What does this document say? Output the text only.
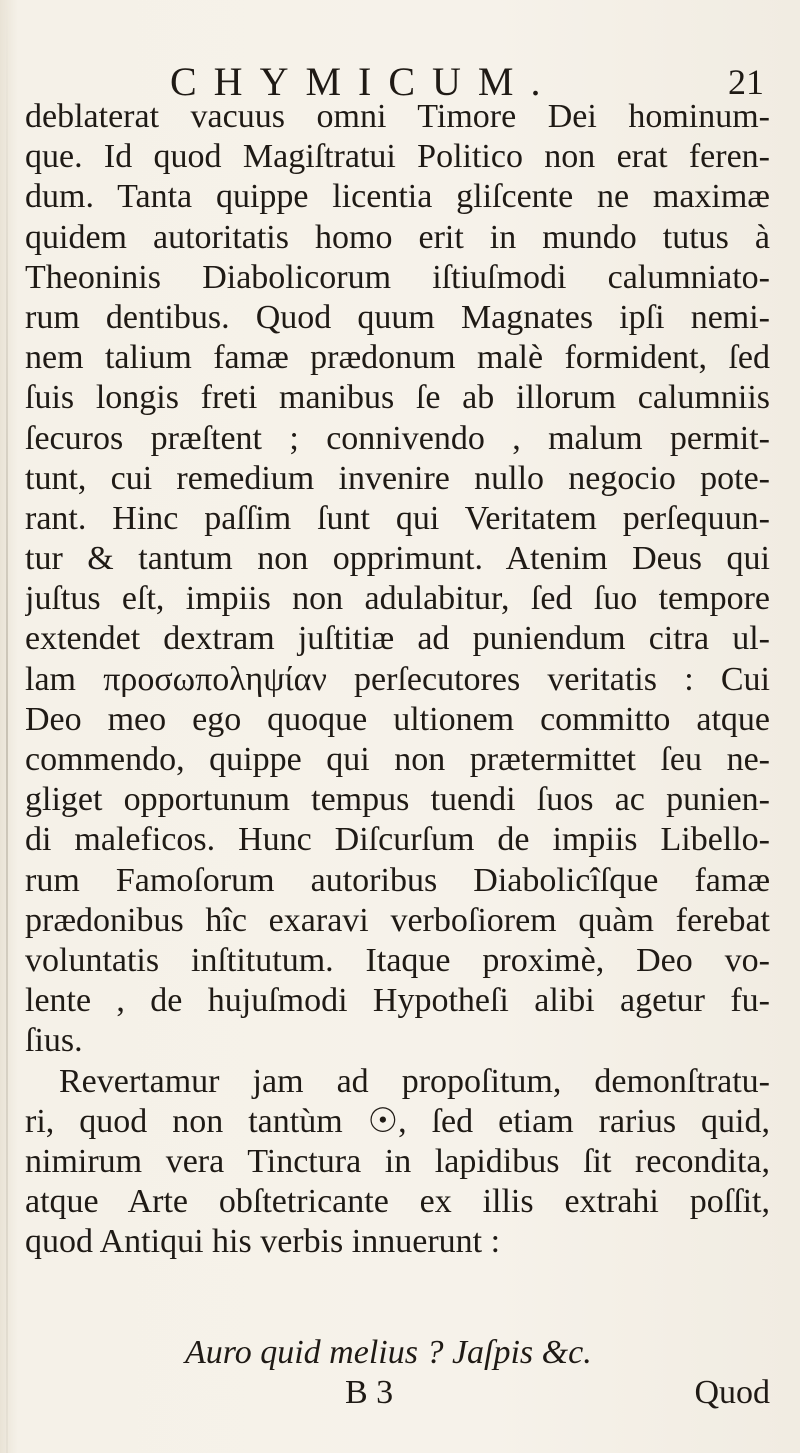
CHYMICUM.	21
deblaterat vacuus omni Timore Dei hominum-
que. Id quod Magiſtratui Politico non erat feren-
dum. Tanta quippe licentia gliſcente ne maximæ
quidem autoritatis homo erit in mundo tutus à
Theoninis Diabolicorum iſtiuſmodi calumniato-
rum dentibus. Quod quum Magnates ipſi nemi-
nem talium famæ prædonum malè formident, ſed
ſuis longis freti manibus ſe ab illorum calumniis
ſecuros præſtent ; connivendo , malum permit-
tunt, cui remedium invenire nullo negocio pote-
rant. Hinc paſſim ſunt qui Veritatem perſequun-
tur & tantum non opprimunt. Atenim Deus qui
juſtus eſt, impiis non adulabitur, ſed ſuo tempore
extendet dextram juſtitiæ ad puniendum citra ul-
lam προσωποληψίαν perſecutores veritatis : Cui
Deo meo ego quoque ultionem committo atque
commendo, quippe qui non prætermittet ſeu ne-
gliget opportunum tempus tuendi ſuos ac punien-
di maleficos. Hunc Diſcurſum de impiis Libello-
rum Famoſorum autoribus Diabolicîſque famæ
prædonibus hîc exaravi verboſiorem quàm ferebat
voluntatis inſtitutum. Itaque proximè, Deo vo-
lente , de hujuſmodi Hypotheſi alibi agetur fu-
ſius.
Revertamur jam ad propoſitum, demonſtratu-
ri, quod non tantùm ☉, ſed etiam rarius quid,
nimirum vera Tinctura in lapidibus ſit recondita,
atque Arte obſtetricante ex illis extrahi poſſit,
quod Antiqui his verbis innuerunt :
Auro quid melius ? Jaſpis &c.
B 3	Quod
